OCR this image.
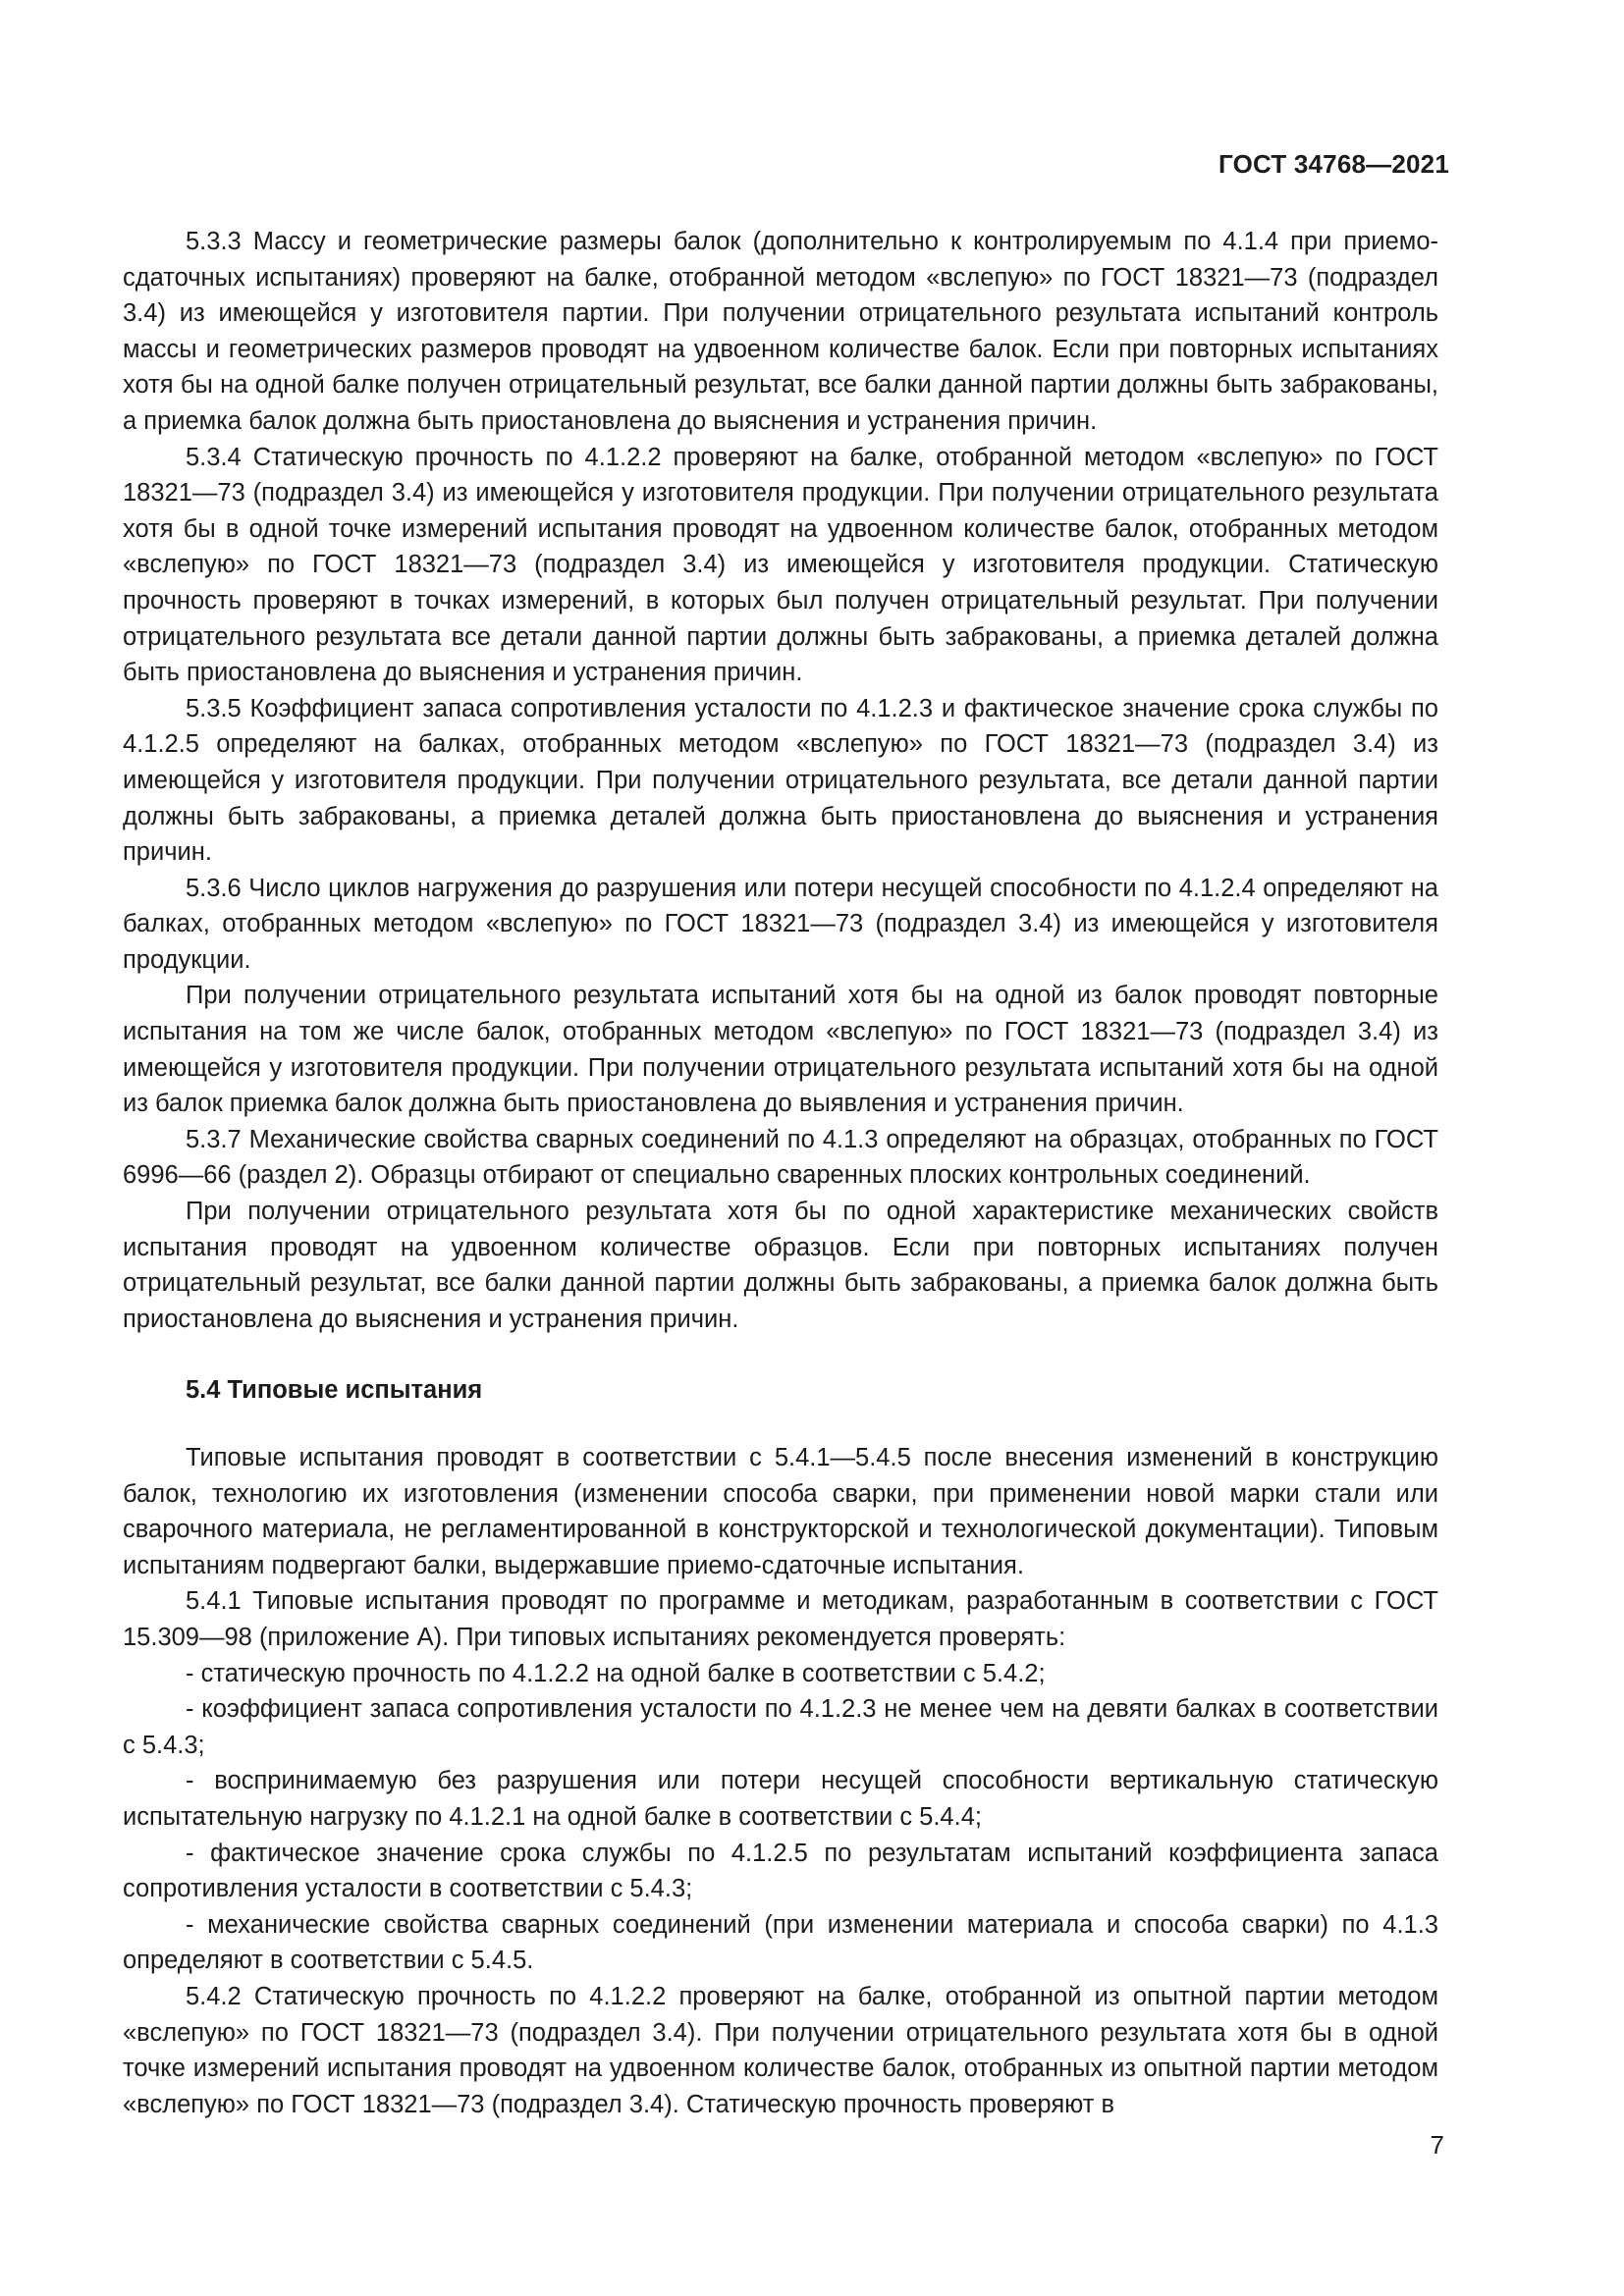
ГОСТ 34768—2021

5.3.3 Массу и геометрические размеры балок (дополнительно к контролируемым по 4.1.4 при приемо-сдаточных испытаниях) проверяют на балке, отобранной методом «вслепую» по ГОСТ 18321—73 (подраздел 3.4) из имеющейся у изготовителя партии. При получении отрицательного результата испытаний контроль массы и геометрических размеров проводят на удвоенном количестве балок. Если при повторных испытаниях хотя бы на одной балке получен отрицательный результат, все балки данной партии должны быть забракованы, а приемка балок должна быть приостановлена до выяснения и устранения причин.

5.3.4 Статическую прочность по 4.1.2.2 проверяют на балке, отобранной методом «вслепую» по ГОСТ 18321—73 (подраздел 3.4) из имеющейся у изготовителя продукции. При получении отрицательного результата хотя бы в одной точке измерений испытания проводят на удвоенном количестве балок, отобранных методом «вслепую» по ГОСТ 18321—73 (подраздел 3.4) из имеющейся у изготовителя продукции. Статическую прочность проверяют в точках измерений, в которых был получен отрицательный результат. При получении отрицательного результата все детали данной партии должны быть забракованы, а приемка деталей должна быть приостановлена до выяснения и устранения причин.

5.3.5 Коэффициент запаса сопротивления усталости по 4.1.2.3 и фактическое значение срока службы по 4.1.2.5 определяют на балках, отобранных методом «вслепую» по ГОСТ 18321—73 (подраздел 3.4) из имеющейся у изготовителя продукции. При получении отрицательного результата, все детали данной партии должны быть забракованы, а приемка деталей должна быть приостановлена до выяснения и устранения причин.

5.3.6 Число циклов нагружения до разрушения или потери несущей способности по 4.1.2.4 определяют на балках, отобранных методом «вслепую» по ГОСТ 18321—73 (подраздел 3.4) из имеющейся у изготовителя продукции.

При получении отрицательного результата испытаний хотя бы на одной из балок проводят повторные испытания на том же числе балок, отобранных методом «вслепую» по ГОСТ 18321—73 (подраздел 3.4) из имеющейся у изготовителя продукции. При получении отрицательного результата испытаний хотя бы на одной из балок приемка балок должна быть приостановлена до выявления и устранения причин.

5.3.7 Механические свойства сварных соединений по 4.1.3 определяют на образцах, отобранных по ГОСТ 6996—66 (раздел 2). Образцы отбирают от специально сваренных плоских контрольных соединений.

При получении отрицательного результата хотя бы по одной характеристике механических свойств испытания проводят на удвоенном количестве образцов. Если при повторных испытаниях получен отрицательный результат, все балки данной партии должны быть забракованы, а приемка балок должна быть приостановлена до выяснения и устранения причин.

5.4 Типовые испытания

Типовые испытания проводят в соответствии с 5.4.1—5.4.5 после внесения изменений в конструкцию балок, технологию их изготовления (изменении способа сварки, при применении новой марки стали или сварочного материала, не регламентированной в конструкторской и технологической документации). Типовым испытаниям подвергают балки, выдержавшие приемо-сдаточные испытания.

5.4.1 Типовые испытания проводят по программе и методикам, разработанным в соответствии с ГОСТ 15.309—98 (приложение А). При типовых испытаниях рекомендуется проверять:

- статическую прочность по 4.1.2.2 на одной балке в соответствии с 5.4.2;

- коэффициент запаса сопротивления усталости по 4.1.2.3 не менее чем на девяти балках в соответствии с 5.4.3;

- воспринимаемую без разрушения или потери несущей способности вертикальную статическую испытательную нагрузку по 4.1.2.1 на одной балке в соответствии с 5.4.4;

- фактическое значение срока службы по 4.1.2.5 по результатам испытаний коэффициента запаса сопротивления усталости в соответствии с 5.4.3;

- механические свойства сварных соединений (при изменении материала и способа сварки) по 4.1.3 определяют в соответствии с 5.4.5.

5.4.2 Статическую прочность по 4.1.2.2 проверяют на балке, отобранной из опытной партии методом «вслепую» по ГОСТ 18321—73 (подраздел 3.4). При получении отрицательного результата хотя бы в одной точке измерений испытания проводят на удвоенном количестве балок, отобранных из опытной партии методом «вслепую» по ГОСТ 18321—73 (подраздел 3.4). Статическую прочность проверяют в

7
